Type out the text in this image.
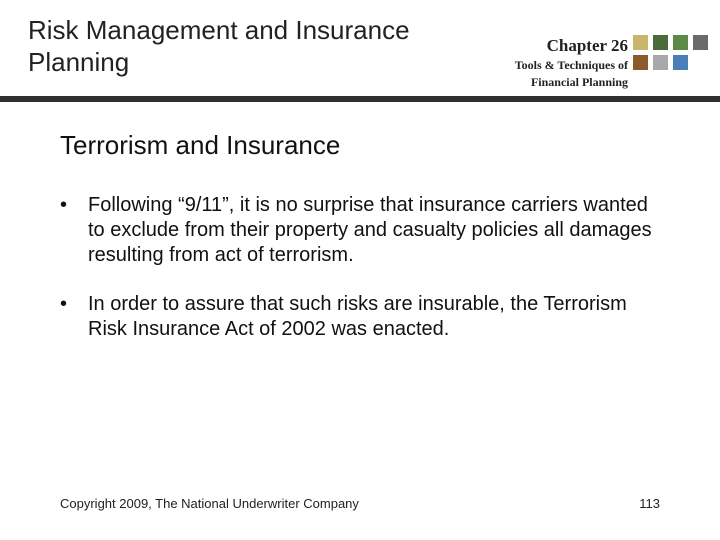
Risk Management and Insurance Planning
Chapter 26
Tools & Techniques of
Financial Planning
Terrorism and Insurance
•	Following “9/11”, it is no surprise that insurance carriers wanted to exclude from their property and casualty policies all damages resulting from act of terrorism.
•	In order to assure that such risks are insurable, the Terrorism Risk Insurance Act of 2002 was enacted.
Copyright 2009, The National Underwriter Company	113
